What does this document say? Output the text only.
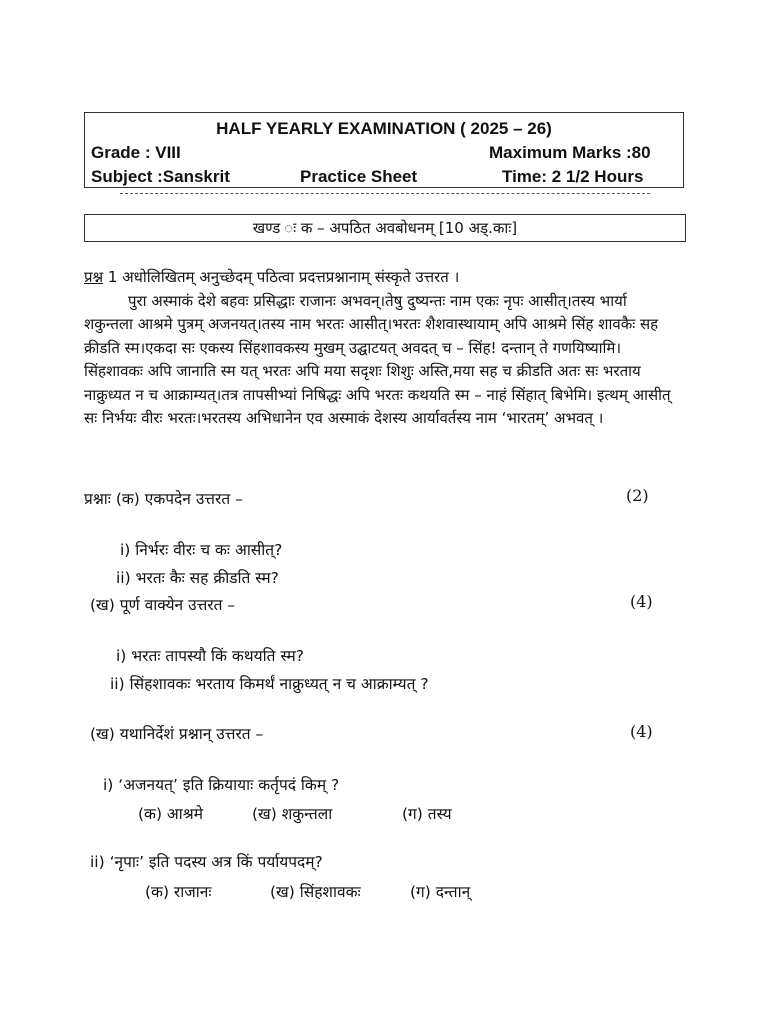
HALF YEARLY EXAMINATION ( 2025 – 26)
Grade : VIII	Maximum Marks :80
Subject :Sanskrit	Practice Sheet	Time: 2 1/2 Hours
खण्ड ः क – अपठित अवबोधनम् [10 अड्.काः]

प्रश्न 1 अधोलिखितम् अनुच्छेदम् पठित्वा प्रदत्तप्रश्नानाम् संस्कृते उत्तरत ।

पुरा अस्माकं देशे बहवः प्रसिद्धाः राजानः अभवन्।तेषु दुष्यन्तः नाम एकः नृपः आसीत्।तस्य भार्या शकुन्तला आश्रमे पुत्रम् अजनयत्।तस्य नाम भरतः आसीत्।भरतः शैशवास्थायाम् अपि आश्रमे सिंह शावकैः सह क्रीडति स्म।एकदा सः एकस्य सिंहशावकस्य मुखम् उद्घाटयत् अवदत् च – सिंह! दन्तान् ते गणयिष्यामि।सिंहशावकः अपि जानाति स्म यत् भरतः अपि मया सदृशः शिशुः अस्ति,मया सह च क्रीडति अतः सः भरताय नाक्रुध्यत न च आक्राम्यत्।तत्र तापसीभ्यां निषिद्धः अपि भरतः कथयति स्म – नाहं सिंहात् बिभेमि। इत्थम् आसीत् सः निर्भयः वीरः भरतः।भरतस्य अभिधानेन एव अस्माकं देशस्य आर्यावर्तस्य नाम ‘भारतम्’ अभवत् ।

प्रश्नाः (क) एकपदेन उत्तरत –	(2)
i) निर्भरः वीरः च कः आसीत्?
ii) भरतः कैः सह क्रीडति स्म?
(ख) पूर्ण वाक्येन उत्तरत –	(4)
i) भरतः तापस्यौ किं कथयति स्म?
ii) सिंहशावकः भरताय किमर्थं नाक्रुध्यत् न च आक्राम्यत् ?
(ख) यथानिर्देशं प्रश्नान् उत्तरत –	(4)
i) ‘अजनयत्’ इति क्रियायाः कर्तृपदं किम् ?
(क) आश्रमे	(ख) शकुन्तला	(ग) तस्य
ii) ‘नृपाः’ इति पदस्य अत्र किं पर्यायपदम्?
(क) राजानः	(ख) सिंहशावकः	(ग) दन्तान्
